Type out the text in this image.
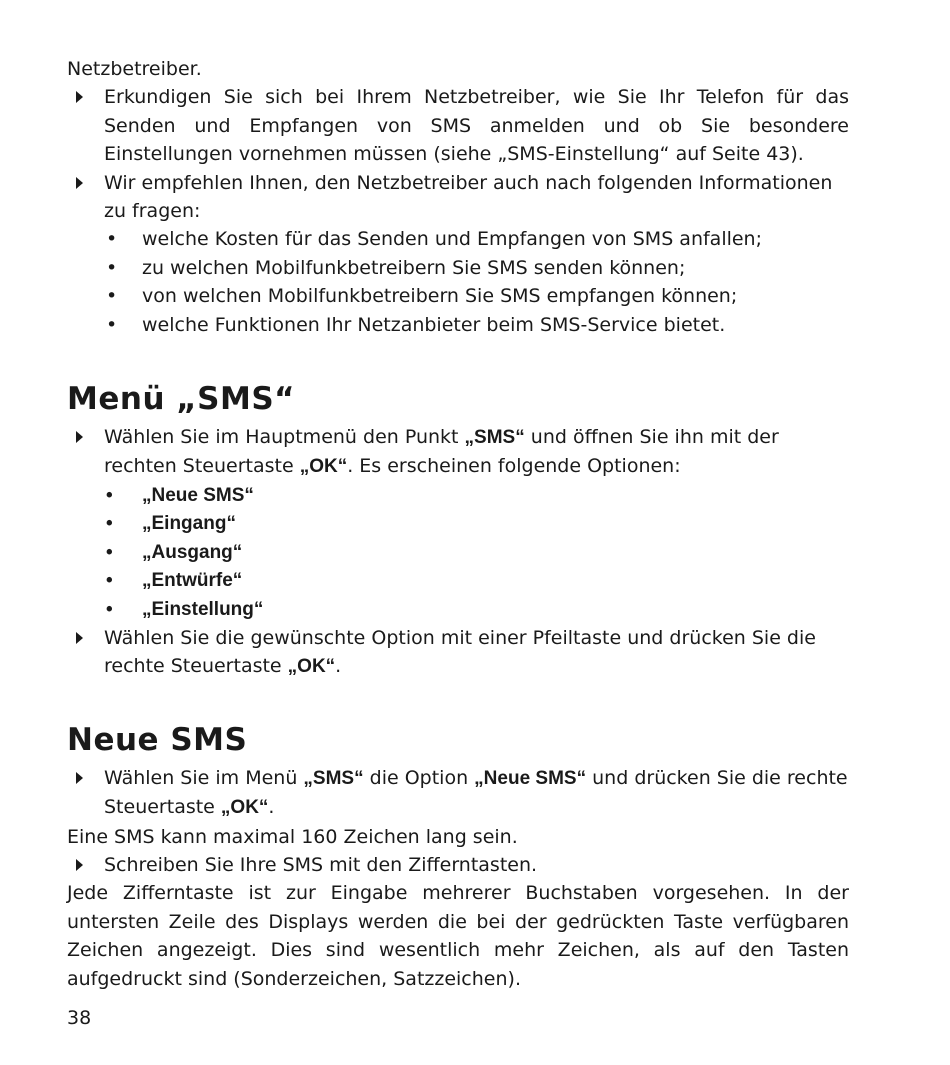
Netzbetreiber.

Erkundigen Sie sich bei Ihrem Netzbetreiber, wie Sie Ihr Telefon für das Senden und Empfangen von SMS anmelden und ob Sie besondere Einstellungen vornehmen müssen (siehe „SMS-Einstellung“ auf Seite 43).

Wir empfehlen Ihnen, den Netzbetreiber auch nach folgenden Informationen zu fragen:

• welche Kosten für das Senden und Empfangen von SMS anfallen;

• zu welchen Mobilfunkbetreibern Sie SMS senden können;

• von welchen Mobilfunkbetreibern Sie SMS empfangen können;

• welche Funktionen Ihr Netzanbieter beim SMS-Service bietet.

Menü „SMS“

Wählen Sie im Hauptmenü den Punkt „SMS“ und öffnen Sie ihn mit der rechten Steuertaste „OK“. Es erscheinen folgende Optionen:

• „Neue SMS“

• „Eingang“

• „Ausgang“

• „Entwürfe“

• „Einstellung“

Wählen Sie die gewünschte Option mit einer Pfeiltaste und drücken Sie die rechte Steuertaste „OK“.

Neue SMS

Wählen Sie im Menü „SMS“ die Option „Neue SMS“ und drücken Sie die rechte Steuertaste „OK“.

Eine SMS kann maximal 160 Zeichen lang sein.

Schreiben Sie Ihre SMS mit den Zifferntasten.

Jede Zifferntaste ist zur Eingabe mehrerer Buchstaben vorgesehen. In der untersten Zeile des Displays werden die bei der gedrückten Taste verfügbaren Zeichen angezeigt. Dies sind wesentlich mehr Zeichen, als auf den Tasten aufgedruckt sind (Sonderzeichen, Satzzeichen).

38
